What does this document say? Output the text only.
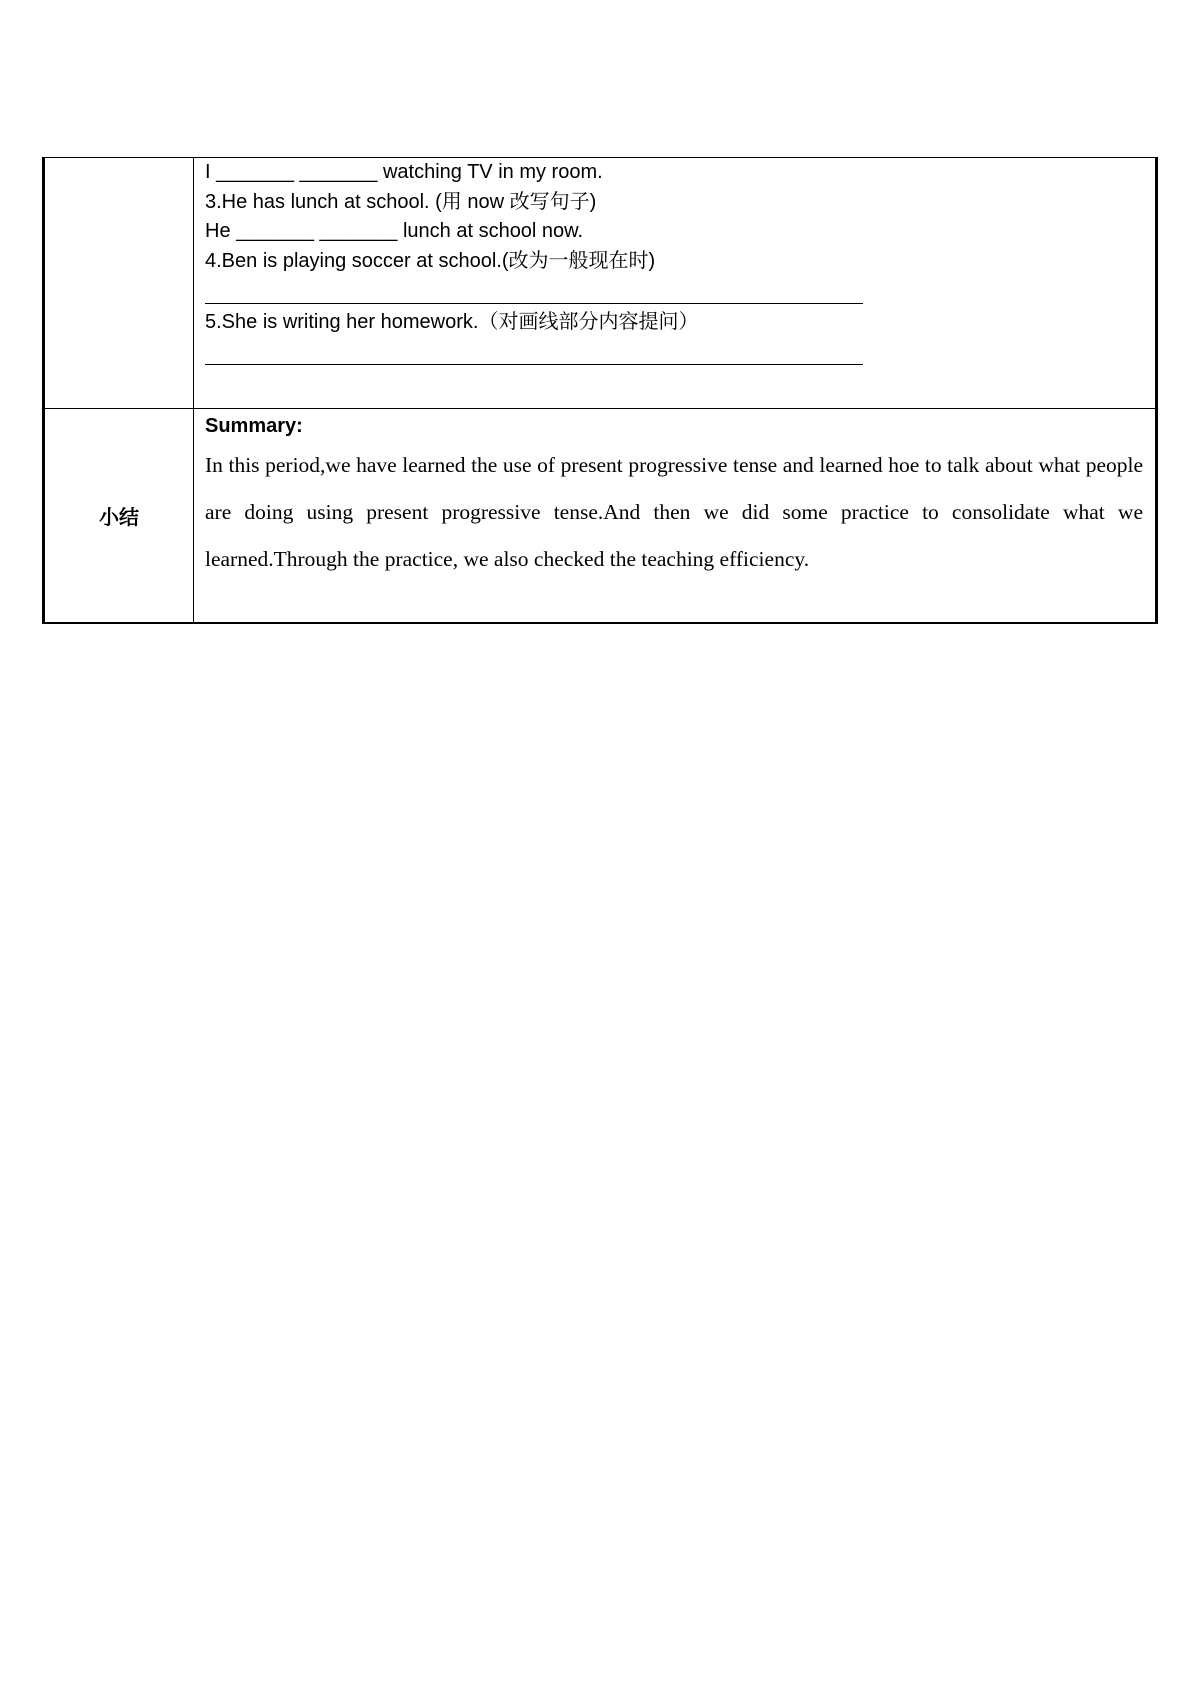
	I _______ _______ watching TV in my room.
3.He has lunch at school. (用 now 改写句子)
He _______ _______ lunch at school now.
4.Ben is playing soccer at school.(改为一般现在时)
5.She is writing her homework.（对画线部分内容提问）

小结	Summary:
In this period,we have learned the use of present progressive tense and learned hoe to talk about what people are doing using present progressive tense.And then we did some practice to consolidate what we learned.Through the practice, we also checked the teaching efficiency.
